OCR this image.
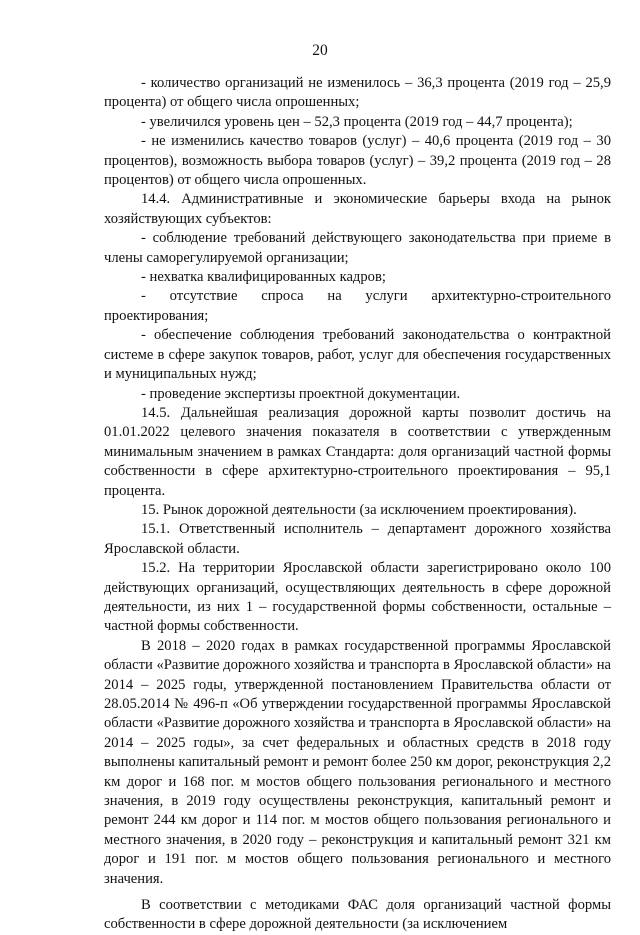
20

- количество организаций не изменилось – 36,3 процента (2019 год – 25,9 процента) от общего числа опрошенных;

- увеличился уровень цен – 52,3 процента (2019 год – 44,7 процента);

- не изменились качество товаров (услуг) – 40,6 процента (2019 год – 30 процентов), возможность выбора товаров (услуг) – 39,2 процента (2019 год – 28 процентов) от общего числа опрошенных.

14.4. Административные и экономические барьеры входа на рынок хозяйствующих субъектов:

- соблюдение требований действующего законодательства при приеме в члены саморегулируемой организации;

- нехватка квалифицированных кадров;

- отсутствие спроса на услуги архитектурно-строительного проектирования;

- обеспечение соблюдения требований законодательства о контрактной системе в сфере закупок товаров, работ, услуг для обеспечения государственных и муниципальных нужд;

- проведение экспертизы проектной документации.

14.5. Дальнейшая реализация дорожной карты позволит достичь на 01.01.2022 целевого значения показателя в соответствии с утвержденным минимальным значением в рамках Стандарта: доля организаций частной формы собственности в сфере архитектурно-строительного проектирования – 95,1 процента.

15. Рынок дорожной деятельности (за исключением проектирования).

15.1. Ответственный исполнитель – департамент дорожного хозяйства Ярославской области.

15.2. На территории Ярославской области зарегистрировано около 100 действующих организаций, осуществляющих деятельность в сфере дорожной деятельности, из них 1 – государственной формы собственности, остальные – частной формы собственности.

В 2018 – 2020 годах в рамках государственной программы Ярославской области «Развитие дорожного хозяйства и транспорта в Ярославской области» на 2014 – 2025 годы, утвержденной постановлением Правительства области от 28.05.2014 № 496-п «Об утверждении государственной программы Ярославской области «Развитие дорожного хозяйства и транспорта в Ярославской области» на 2014 – 2025 годы», за счет федеральных и областных средств в 2018 году выполнены капитальный ремонт и ремонт более 250 км дорог, реконструкция 2,2 км дорог и 168 пог. м мостов общего пользования регионального и местного значения, в 2019 году осуществлены реконструкция, капитальный ремонт и ремонт 244 км дорог и 114 пог. м мостов общего пользования регионального и местного значения, в 2020 году – реконструкция и капитальный ремонт 321 км дорог и 191 пог. м мостов общего пользования регионального и местного значения.

В соответствии с методиками ФАС доля организаций частной формы собственности в сфере дорожной деятельности (за исключением
